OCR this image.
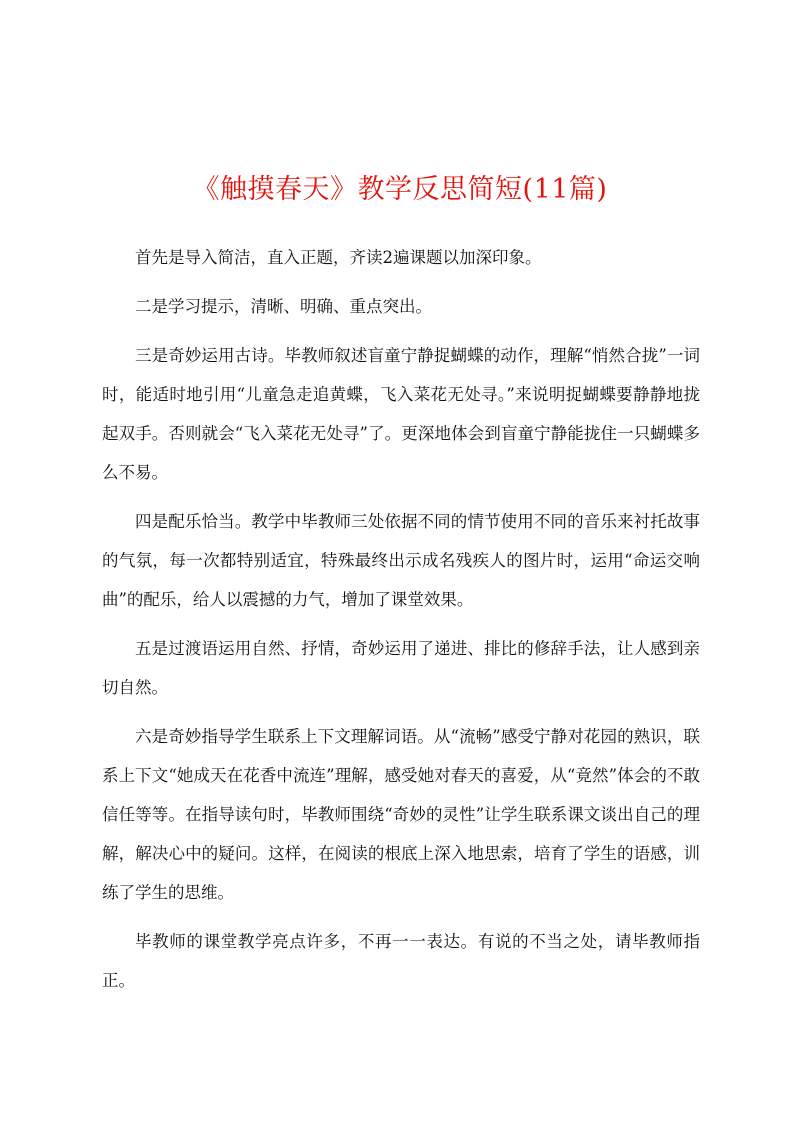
《触摸春天》教学反思简短(11篇)

首先是导入简洁，直入正题，齐读2遍课题以加深印象。

二是学习提示，清晰、明确、重点突出。

三是奇妙运用古诗。毕教师叙述盲童宁静捉蝴蝶的动作，理解“悄然合拢”一词时，能适时地引用“儿童急走追黄蝶，飞入菜花无处寻。”来说明捉蝴蝶要静静地拢起双手。否则就会“飞入菜花无处寻”了。更深地体会到盲童宁静能拢住一只蝴蝶多么不易。

四是配乐恰当。教学中毕教师三处依据不同的情节使用不同的音乐来衬托故事的气氛，每一次都特别适宜，特殊最终出示成名残疾人的图片时，运用“命运交响曲”的配乐，给人以震撼的力气，增加了课堂效果。

五是过渡语运用自然、抒情，奇妙运用了递进、排比的修辞手法，让人感到亲切自然。

六是奇妙指导学生联系上下文理解词语。从“流畅”感受宁静对花园的熟识，联系上下文“她成天在花香中流连”理解，感受她对春天的喜爱，从“竟然”体会的不敢信任等等。在指导读句时，毕教师围绕“奇妙的灵性”让学生联系课文谈出自己的理解，解决心中的疑问。这样，在阅读的根底上深入地思索，培育了学生的语感，训练了学生的思维。

毕教师的课堂教学亮点许多，不再一一表达。有说的不当之处，请毕教师指正。
